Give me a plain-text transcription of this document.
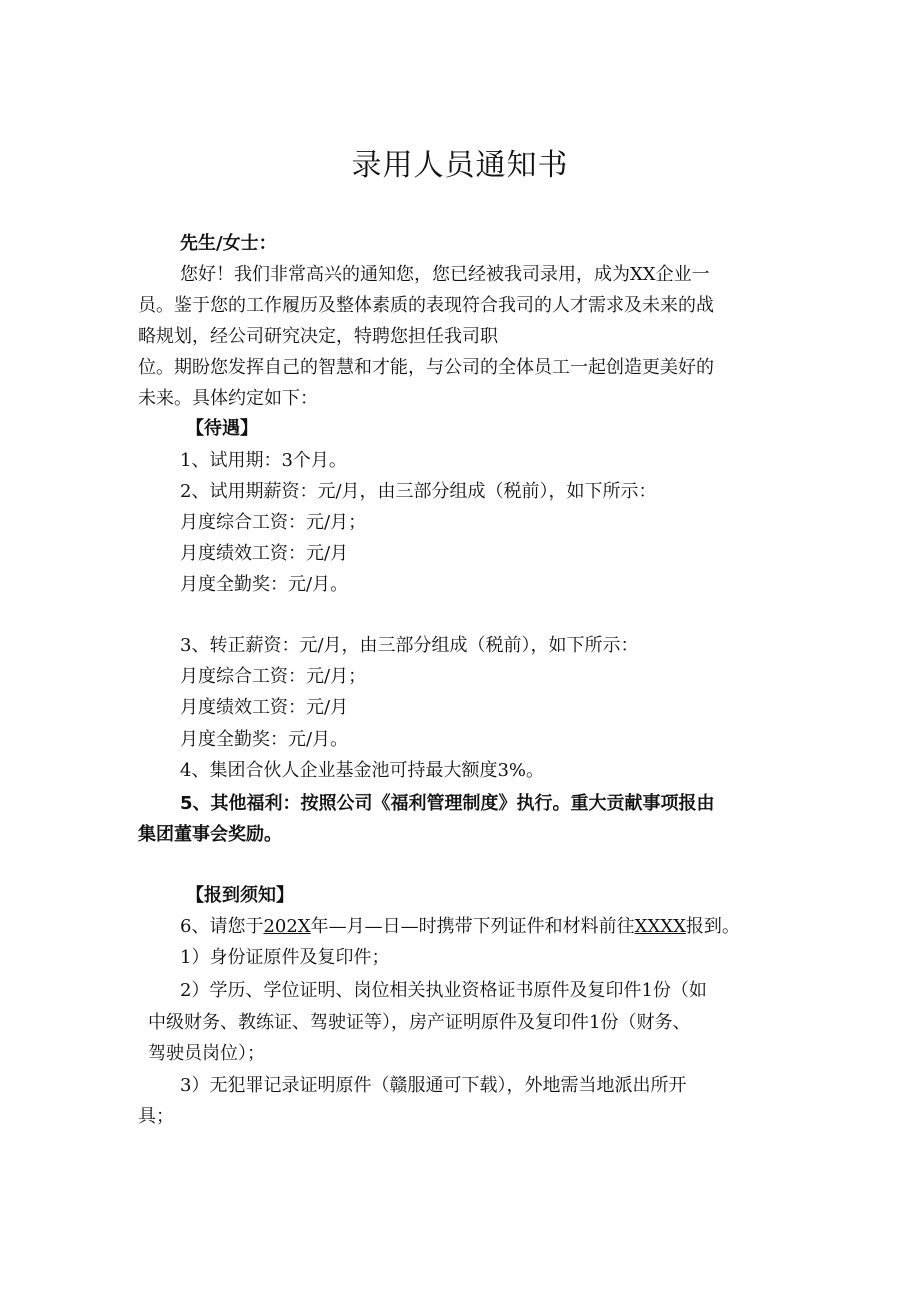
录用人员通知书
先生/女士：
您好！我们非常高兴的通知您，您已经被我司录用，成为XX企业一
员。鉴于您的工作履历及整体素质的表现符合我司的人才需求及未来的战
略规划，经公司研究决定，特聘您担任我司职
位。期盼您发挥自己的智慧和才能，与公司的全体员工一起创造更美好的
未来。具体约定如下：
【待遇】
1、试用期：3个月。
2、试用期薪资：元/月，由三部分组成（税前），如下所示：
月度综合工资：元/月；
月度绩效工资：元/月
月度全勤奖：元/月。
3、转正薪资：元/月，由三部分组成（税前），如下所示：
月度综合工资：元/月；
月度绩效工资：元/月
月度全勤奖：元/月。
4、集团合伙人企业基金池可持最大额度3%。
5、其他福利：按照公司《福利管理制度》执行。重大贡献事项报由
集团董事会奖励。
【报到须知】
6、请您于202X年—月—日—时携带下列证件和材料前往XXXX报到。
1）身份证原件及复印件；
2）学历、学位证明、岗位相关执业资格证书原件及复印件1份（如
中级财务、教练证、驾驶证等），房产证明原件及复印件1份（财务、
驾驶员岗位）；
3）无犯罪记录证明原件（赣服通可下载），外地需当地派出所开
具；
